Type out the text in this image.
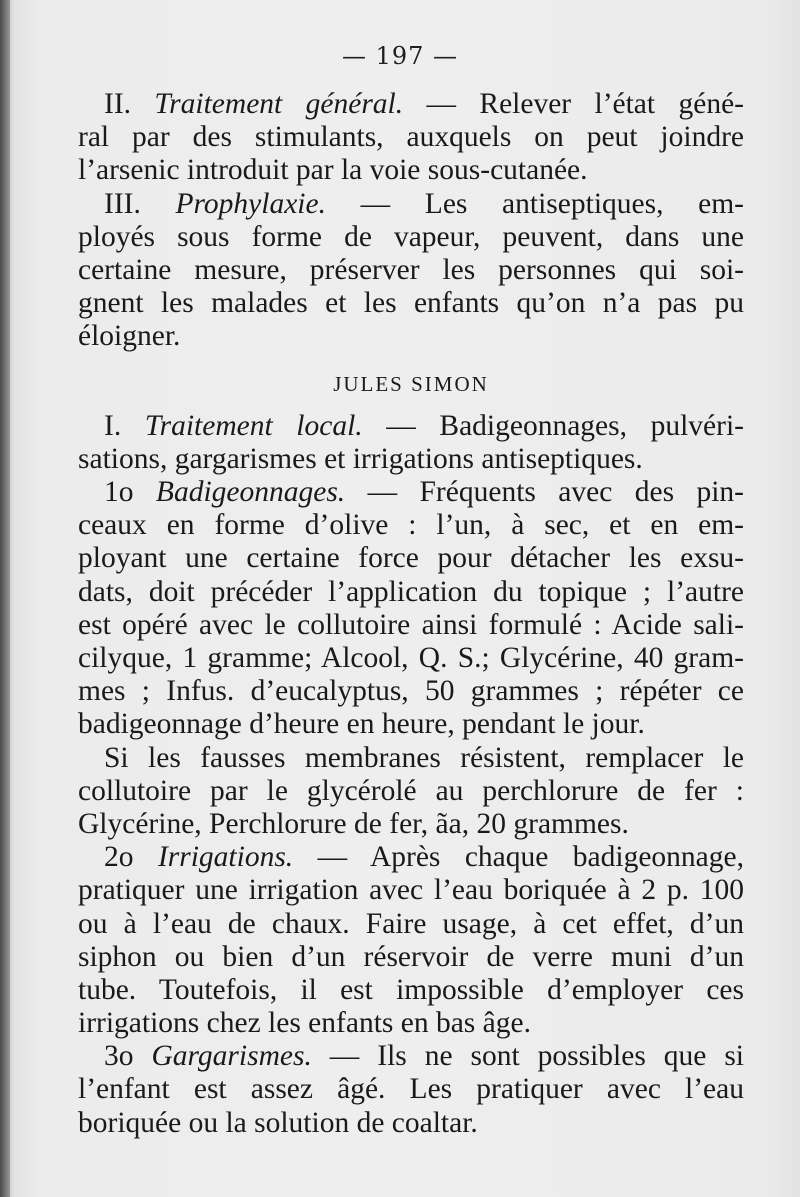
— 197 —
II. Traitement général. — Relever l’état géné-
ral par des stimulants, auxquels on peut joindre
l’arsenic introduit par la voie sous-cutanée.
III. Prophylaxie. — Les antiseptiques, em-
ployés sous forme de vapeur, peuvent, dans une
certaine mesure, préserver les personnes qui soi-
gnent les malades et les enfants qu’on n’a pas pu
éloigner.
JULES SIMON
I. Traitement local. — Badigeonnages, pulvéri-
sations, gargarismes et irrigations antiseptiques.
1o Badigeonnages. — Fréquents avec des pin-
ceaux en forme d’olive : l’un, à sec, et en em-
ployant une certaine force pour détacher les exsu-
dats, doit précéder l’application du topique ; l’autre
est opéré avec le collutoire ainsi formulé : Acide sali-
cilyque, 1 gramme; Alcool, Q. S.; Glycérine, 40 gram-
mes ; Infus. d’eucalyptus, 50 grammes ; répéter ce
badigeonnage d’heure en heure, pendant le jour.
Si les fausses membranes résistent, remplacer le
collutoire par le glycérolé au perchlorure de fer :
Glycérine, Perchlorure de fer, ãa, 20 grammes.
2o Irrigations. — Après chaque badigeonnage,
pratiquer une irrigation avec l’eau boriquée à 2 p. 100
ou à l’eau de chaux. Faire usage, à cet effet, d’un
siphon ou bien d’un réservoir de verre muni d’un
tube. Toutefois, il est impossible d’employer ces
irrigations chez les enfants en bas âge.
3o Gargarismes. — Ils ne sont possibles que si
l’enfant est assez âgé. Les pratiquer avec l’eau
boriquée ou la solution de coaltar.
